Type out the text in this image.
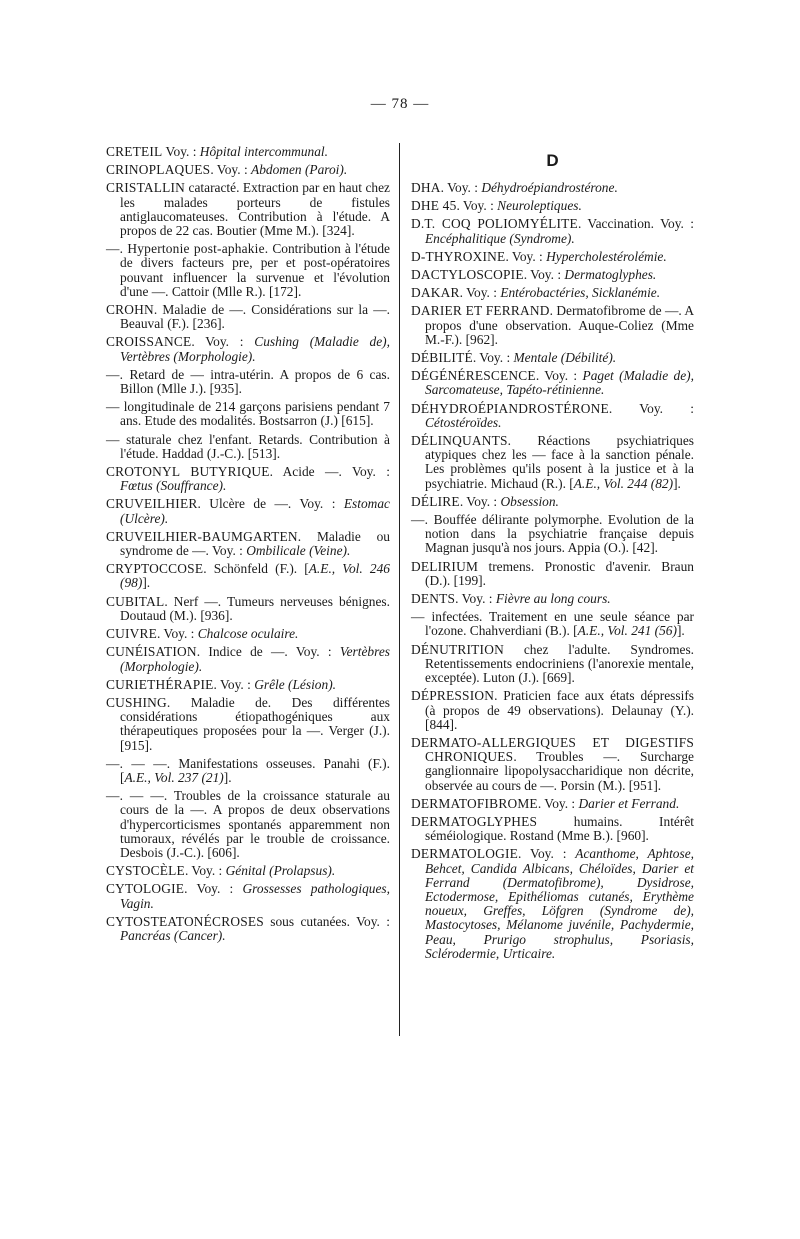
— 78 —
CRETEIL Voy. : Hôpital intercommunal.
CRINOPLAQUES. Voy. : Abdomen (Paroi).
CRISTALLIN cataracté. Extraction par en haut chez les malades porteurs de fistules antiglaucomateuses. Contribution à l'étude. A propos de 22 cas. Boutier (Mme M.). [324].
—. Hypertonie post-aphakie. Contribution à l'étude de divers facteurs pre, per et post-opératoires pouvant influencer la survenue et l'évolution d'une —. Cattoir (Mlle R.). [172].
CROHN. Maladie de —. Considérations sur la —. Beauval (F.). [236].
CROISSANCE. Voy. : Cushing (Maladie de), Vertèbres (Morphologie).
—. Retard de — intra-utérin. A propos de 6 cas. Billon (Mlle J.). [935].
— longitudinale de 214 garçons parisiens pendant 7 ans. Etude des modalités. Bostsarron (J.) [615].
— staturale chez l'enfant. Retards. Contribution à l'étude. Haddad (J.-C.). [513].
CROTONYL BUTYRIQUE. Acide —. Voy. : Fœtus (Souffrance).
CRUVEILHIER. Ulcère de —. Voy. : Estomac (Ulcère).
CRUVEILHIER-BAUMGARTEN. Maladie ou syndrome de —. Voy. : Ombilicale (Veine).
CRYPTOCCOSE. Schönfeld (F.). [A.E., Vol. 246 (98)].
CUBITAL. Nerf —. Tumeurs nerveuses bénignes. Doutaud (M.). [936].
CUIVRE. Voy. : Chalcose oculaire.
CUNÉISATION. Indice de —. Voy. : Vertèbres (Morphologie).
CURIETHÉRAPIE. Voy. : Grêle (Lésion).
CUSHING. Maladie de. Des différentes considérations étiopathogéniques aux thérapeutiques proposées pour la —. Verger (J.). [915].
—. — —. Manifestations osseuses. Panahi (F.). [A.E., Vol. 237 (21)].
—. — —. Troubles de la croissance staturale au cours de la —. A propos de deux observations d'hypercorticismes spontanés apparemment non tumoraux, révélés par le trouble de croissance. Desbois (J.-C.). [606].
CYSTOCÈLE. Voy. : Génital (Prolapsus).
CYTOLOGIE. Voy. : Grossesses pathologiques, Vagin.
CYTOSTEATONÉCROSES sous cutanées. Voy. : Pancréas (Cancer).
D
DHA. Voy. : Déhydroépiandrostérone.
DHE 45. Voy. : Neuroleptiques.
D.T. COQ POLIOMYÉLITE. Vaccination. Voy. : Encéphalitique (Syndrome).
D-THYROXINE. Voy. : Hypercholestérolémie.
DACTYLOSCOPIE. Voy. : Dermatoglyphes.
DAKAR. Voy. : Entérobactéries, Sicklanémie.
DARIER ET FERRAND. Dermatofibrome de —. A propos d'une observation. Auque-Coliez (Mme M.-F.). [962].
DÉBILITÉ. Voy. : Mentale (Débilité).
DÉGÉNÉRESCENCE. Voy. : Paget (Maladie de), Sarcomateuse, Tapéto-rétinienne.
DÉHYDROÉPIANDROSTÉRONE. Voy. : Cétostéroïdes.
DÉLINQUANTS. Réactions psychiatriques atypiques chez les — face à la sanction pénale. Les problèmes qu'ils posent à la justice et à la psychiatrie. Michaud (R.). [A.E., Vol. 244 (82)].
DÉLIRE. Voy. : Obsession.
—. Bouffée délirante polymorphe. Evolution de la notion dans la psychiatrie française depuis Magnan jusqu'à nos jours. Appia (O.). [42].
DELIRIUM tremens. Pronostic d'avenir. Braun (D.). [199].
DENTS. Voy. : Fièvre au long cours.
— infectées. Traitement en une seule séance par l'ozone. Chahverdiani (B.). [A.E., Vol. 241 (56)].
DÉNUTRITION chez l'adulte. Syndromes. Retentissements endocriniens (l'anorexie mentale, exceptée). Luton (J.). [669].
DÉPRESSION. Praticien face aux états dépressifs (à propos de 49 observations). Delaunay (Y.). [844].
DERMATO-ALLERGIQUES ET DIGESTIFS CHRONIQUES. Troubles —. Surcharge ganglionnaire lipopolysaccharidique non décrite, observée au cours de —. Porsin (M.). [951].
DERMATOFIBROME. Voy. : Darier et Ferrand.
DERMATOGLYPHES humains. Intérêt séméiologique. Rostand (Mme B.). [960].
DERMATOLOGIE. Voy. : Acanthome, Aphtose, Behcet, Candida Albicans, Chéloïdes, Darier et Ferrand (Dermatofibrome), Dysidrose, Ectodermose, Epithéliomas cutanés, Erythème noueux, Greffes, Löfgren (Syndrome de), Mastocytoses, Mélanome juvénile, Pachydermie, Peau, Prurigo strophulus, Psoriasis, Sclérodermie, Urticaire.
